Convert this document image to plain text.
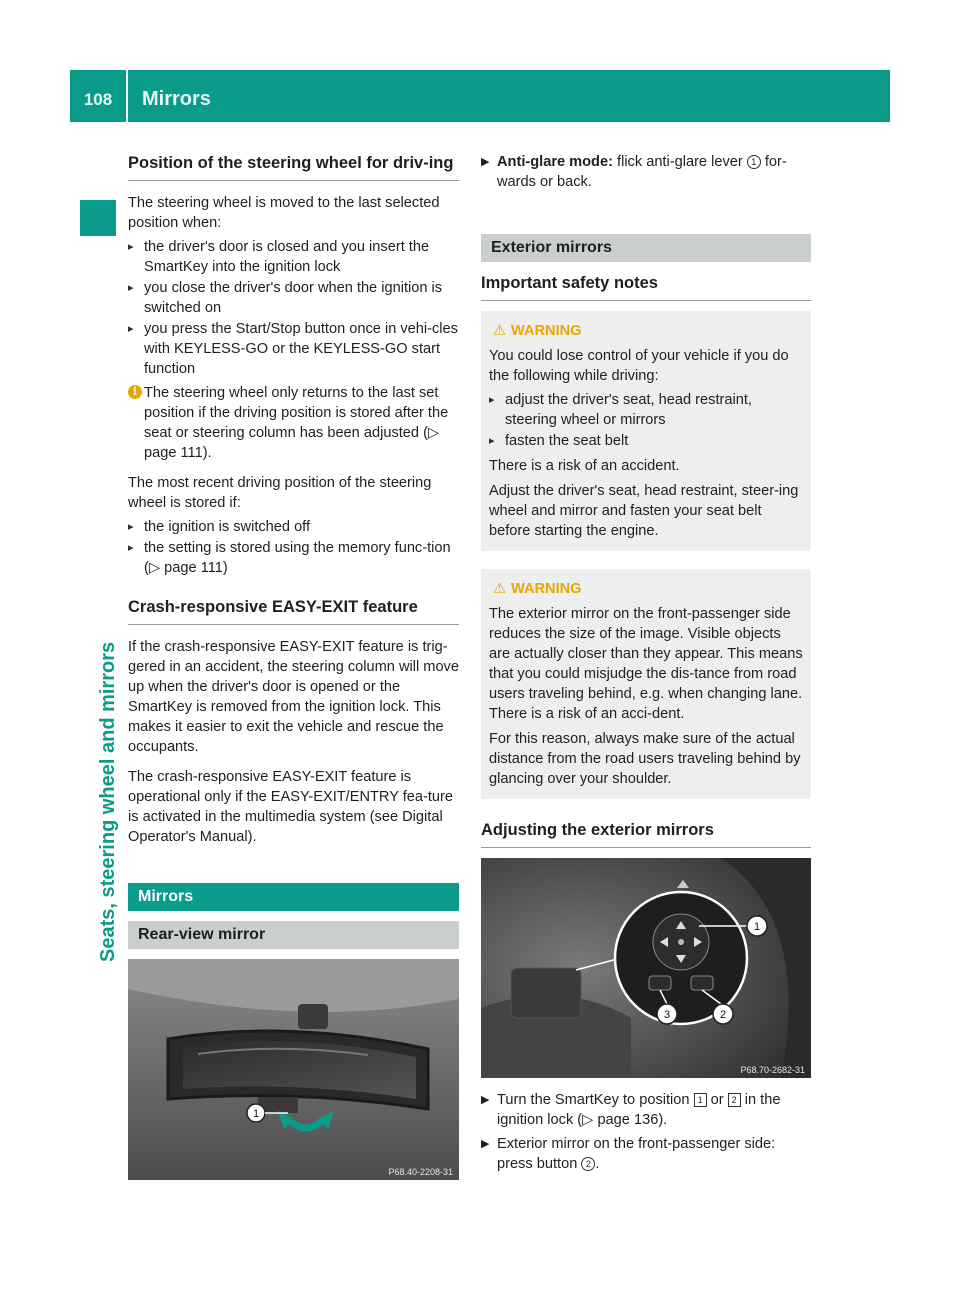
108	Mirrors
Seats, steering wheel and mirrors
Position of the steering wheel for driv-ing

The steering wheel is moved to the last selected position when:

▸ the driver's door is closed and you insert the SmartKey into the ignition lock
▸ you close the driver's door when the ignition is switched on
▸ you press the Start/Stop button once in vehi-cles with KEYLESS-GO or the KEYLESS-GO start function
i The steering wheel only returns to the last set position if the driving position is stored after the seat or steering column has been adjusted (▷ page 111).

The most recent driving position of the steering wheel is stored if:

▸ the ignition is switched off
▸ the setting is stored using the memory func-tion (▷ page 111)
Crash-responsive EASY-EXIT feature

If the crash-responsive EASY-EXIT feature is trig-gered in an accident, the steering column will move up when the driver's door is opened or the SmartKey is removed from the ignition lock. This makes it easier to exit the vehicle and rescue the occupants.

The crash-responsive EASY-EXIT feature is operational only if the EASY-EXIT/ENTRY fea-ture is activated in the multimedia system (see Digital Operator's Manual).

Mirrors
Rear-view mirror
1
P68.40-2208-31
▶ Anti-glare mode: flick anti-glare lever 1 for-wards or back.
Exterior mirrors
Important safety notes
⚠ WARNING

You could lose control of your vehicle if you do the following while driving:

▸ adjust the driver's seat, head restraint, steering wheel or mirrors
▸ fasten the seat belt

There is a risk of an accident.

Adjust the driver's seat, head restraint, steer-ing wheel and mirror and fasten your seat belt before starting the engine.

⚠ WARNING

The exterior mirror on the front-passenger side reduces the size of the image. Visible objects are actually closer than they appear. This means that you could misjudge the dis-tance from road users traveling behind, e.g. when changing lane. There is a risk of an acci-dent.

For this reason, always make sure of the actual distance from the road users traveling behind by glancing over your shoulder.

Adjusting the exterior mirrors
1
2
3
P68.70-2682-31
▶ Turn the SmartKey to position 1 or 2 in the ignition lock (▷ page 136).
▶ Exterior mirror on the front-passenger side: press button 2 .
